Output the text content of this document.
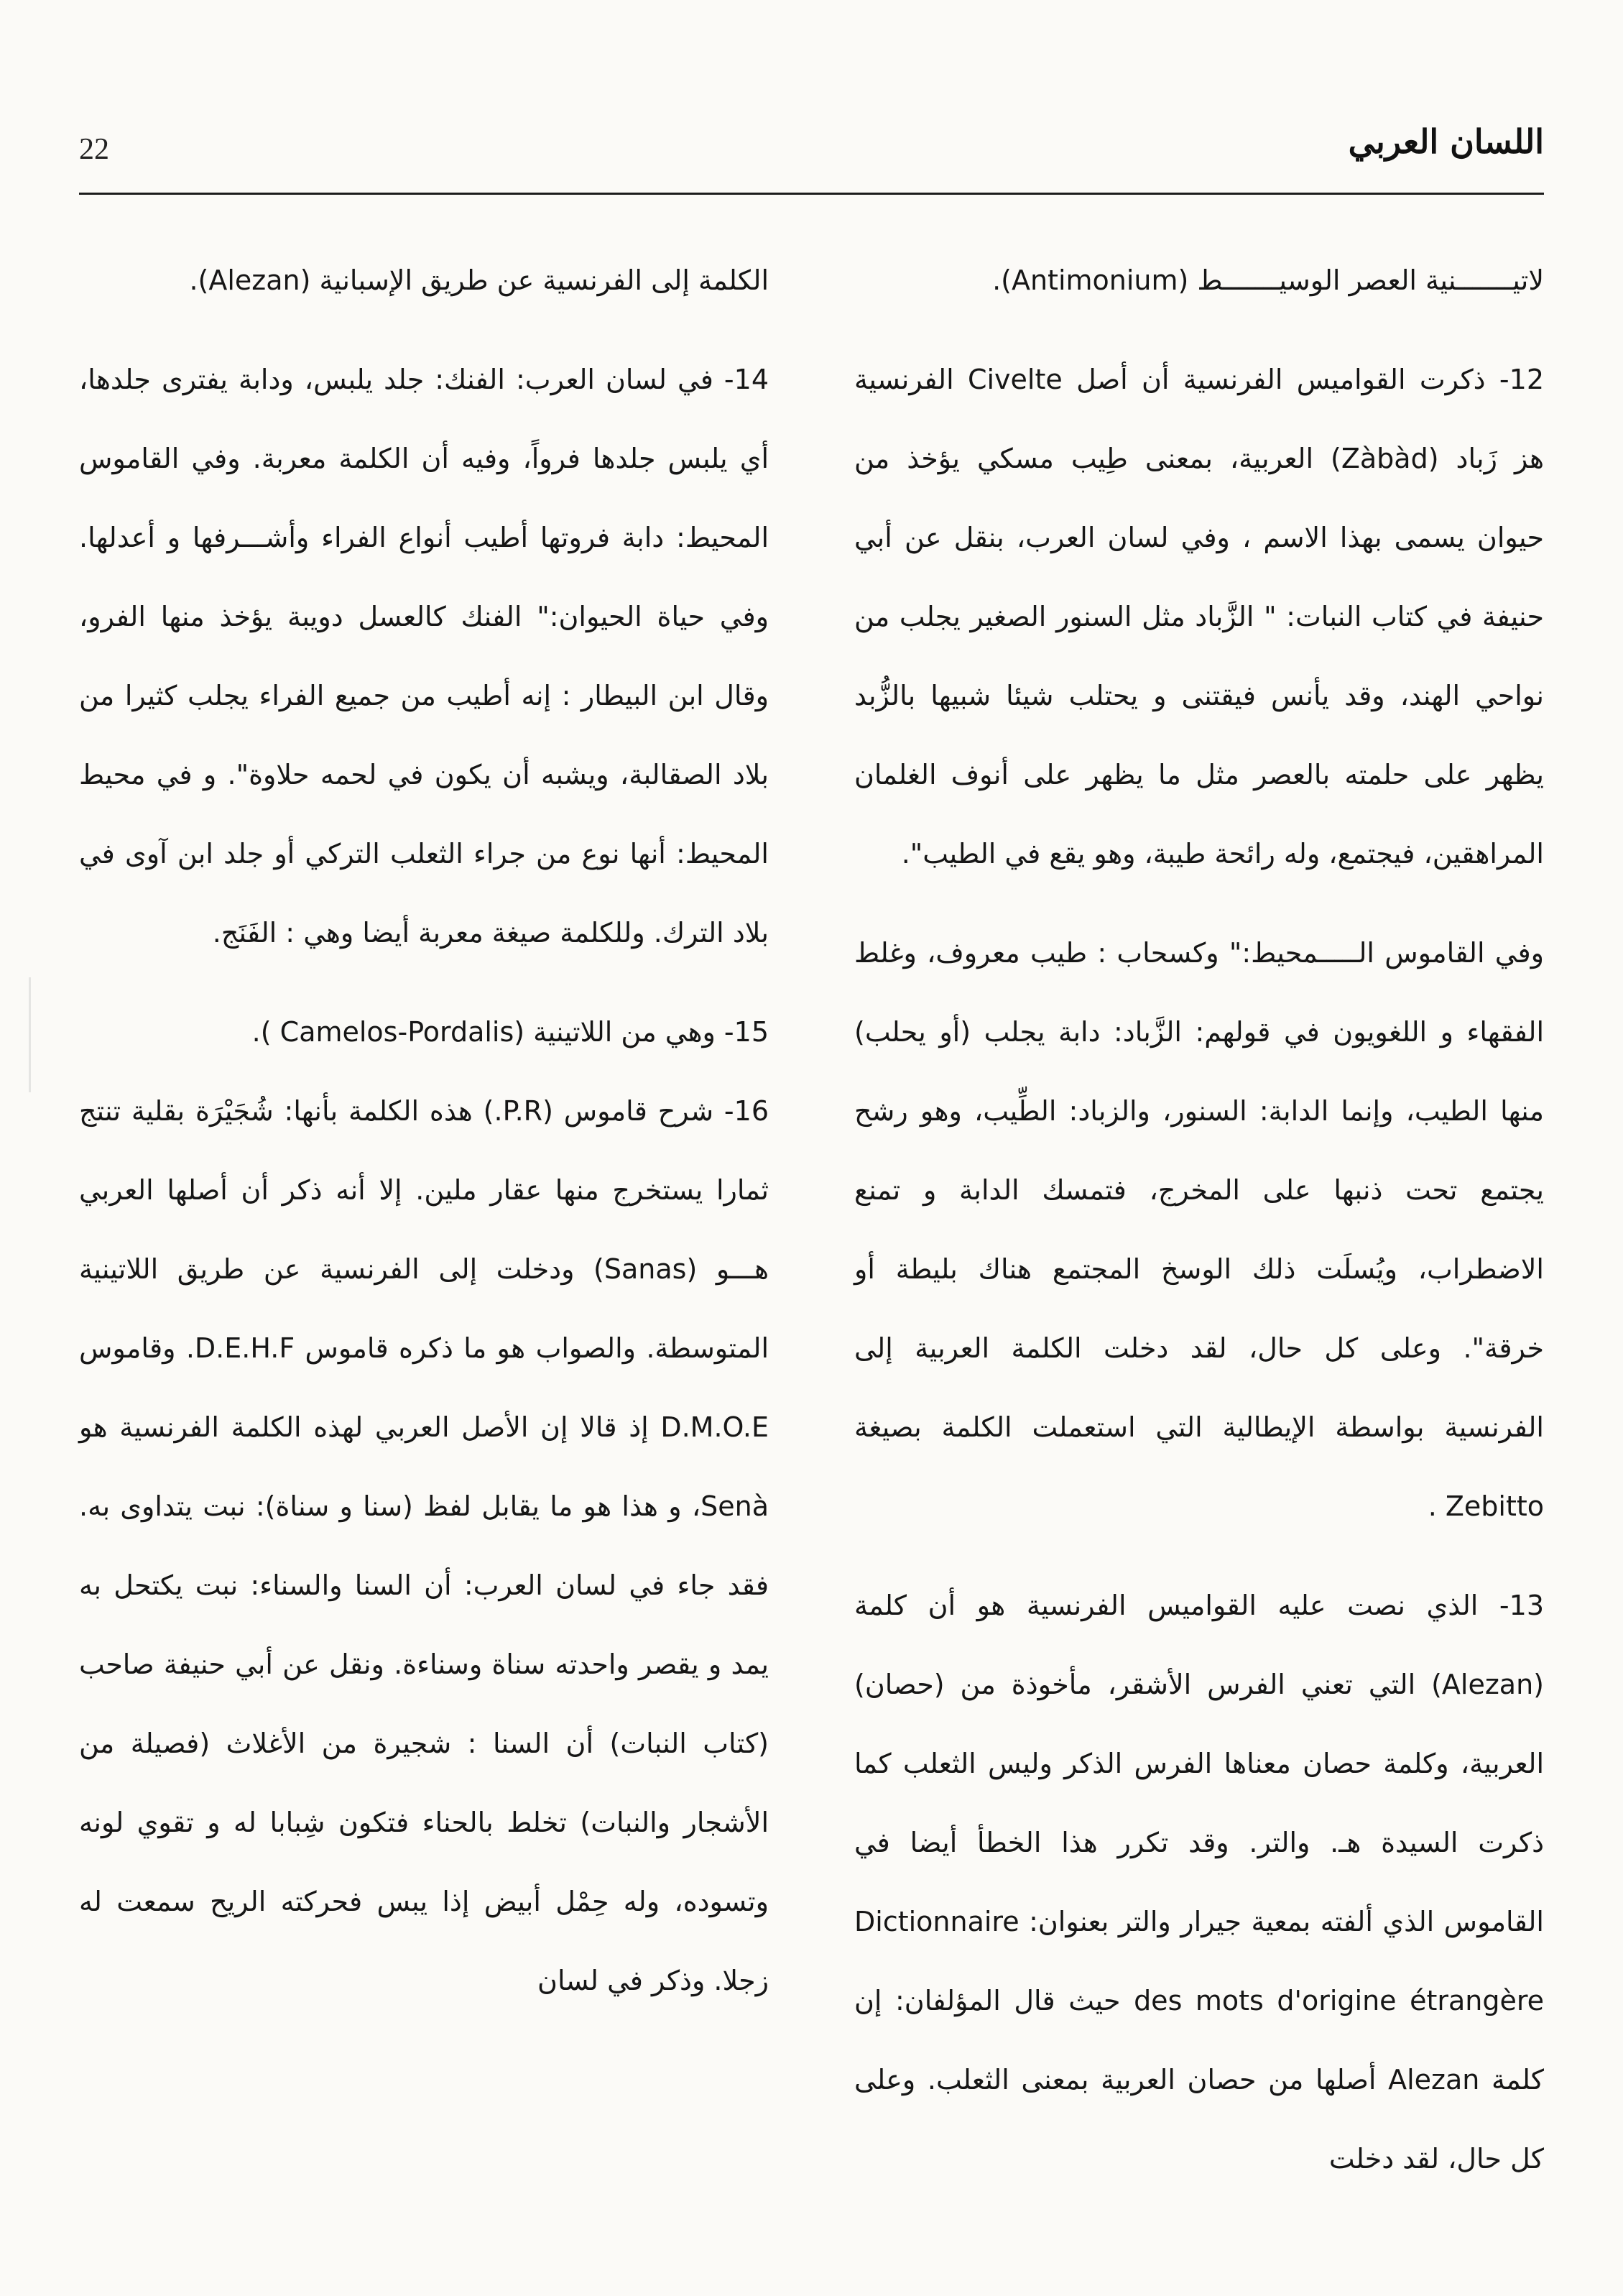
22	اللسان العربي

لاتيـــــــنية العصر الوسيـــــــط (Antimonium).

12- ذكرت القواميس الفرنسية أن أصل Civelte الفرنسية هز زَباد (Zàbàd) العربية، بمعنى طِيب مسكي يؤخذ من حيوان يسمى بهذا الاسم ، وفي لسان العرب، بنقل عن أبي حنيفة في كتاب النبات: " الزَّباد مثل السنور الصغير يجلب من نواحي الهند، وقد يأنس فيقتنى و يحتلب شيئا شبيها بالزُّبد يظهر على حلمته بالعصر مثل ما يظهر على أنوف الغلمان المراهقين، فيجتمع، وله رائحة طيبة، وهو يقع في الطيب".

وفي القاموس الـــــمحيط:" وكسحاب : طيب معروف، وغلط الفقهاء و اللغويون في قولهم: الزَّباد: دابة يجلب (أو يحلب) منها الطيب، وإنما الدابة: السنور، والزباد: الطِّيب، وهو رشح يجتمع تحت ذنبها على المخرج، فتمسك الدابة و تمنع الاضطراب، ويُسلَت ذلك الوسخ المجتمع هناك بليطة أو خرقة". وعلى كل حال، لقد دخلت الكلمة العربية إلى الفرنسية بواسطة الإيطالية التي استعملت الكلمة بصيغة Zebitto .

13- الذي نصت عليه القواميس الفرنسية هو أن كلمة (Alezan) التي تعني الفرس الأشقر، مأخوذة من (حصان) العربية، وكلمة حصان معناها الفرس الذكر وليس الثعلب كما ذكرت السيدة هـ. والتر. وقد تكرر هذا الخطأ أيضا في القاموس الذي ألفته بمعية جيرار والتر بعنوان: Dictionnaire des mots d'origine étrangère حيث قال المؤلفان: إن كلمة Alezan أصلها من حصان العربية بمعنى الثعلب. وعلى كل حال، لقد دخلت

الكلمة إلى الفرنسية عن طريق الإسبانية (Alezan).

14- في لسان العرب: الفنك: جلد يلبس، ودابة يفترى جلدها، أي يلبس جلدها فرواً، وفيه أن الكلمة معربة. وفي القاموس المحيط: دابة فروتها أطيب أنواع الفراء وأشـــرفها و أعدلها. وفي حياة الحيوان:" الفنك كالعسل دويبة يؤخذ منها الفرو، وقال ابن البيطار : إنه أطيب من جميع الفراء يجلب كثيرا من بلاد الصقالبة، ويشبه أن يكون في لحمه حلاوة". و في محيط المحيط: أنها نوع من جراء الثعلب التركي أو جلد ابن آوى في بلاد الترك. وللكلمة صيغة معربة أيضا وهي : الفَنَج.

15- وهي من اللاتينية (Camelos-Pordalis ).

16- شرح قاموس (P.R.) هذه الكلمة بأنها: شُجَيْرَة بقلية تنتج ثمارا يستخرج منها عقار ملين. إلا أنه ذكر أن أصلها العربي هـــو (Sanas) ودخلت إلى الفرنسية عن طريق اللاتينية المتوسطة. والصواب هو ما ذكره قاموس D.E.H.F. وقاموس D.M.O.E إذ قالا إن الأصل العربي لهذه الكلمة الفرنسية هو Senà، و هذا هو ما يقابل لفظ (سنا و سناة): نبت يتداوى به. فقد جاء في لسان العرب: أن السنا والسناء: نبت يكتحل به يمد و يقصر واحدته سناة وسناءة. ونقل عن أبي حنيفة صاحب (كتاب النبات) أن السنا : شجيرة من الأغلاث (فصيلة من الأشجار والنبات) تخلط بالحناء فتكون شِبابا له و تقوي لونه وتسوده، وله حِمْل أبيض إذا يبس فحركته الريح سمعت له زجلا. وذكر في لسان
